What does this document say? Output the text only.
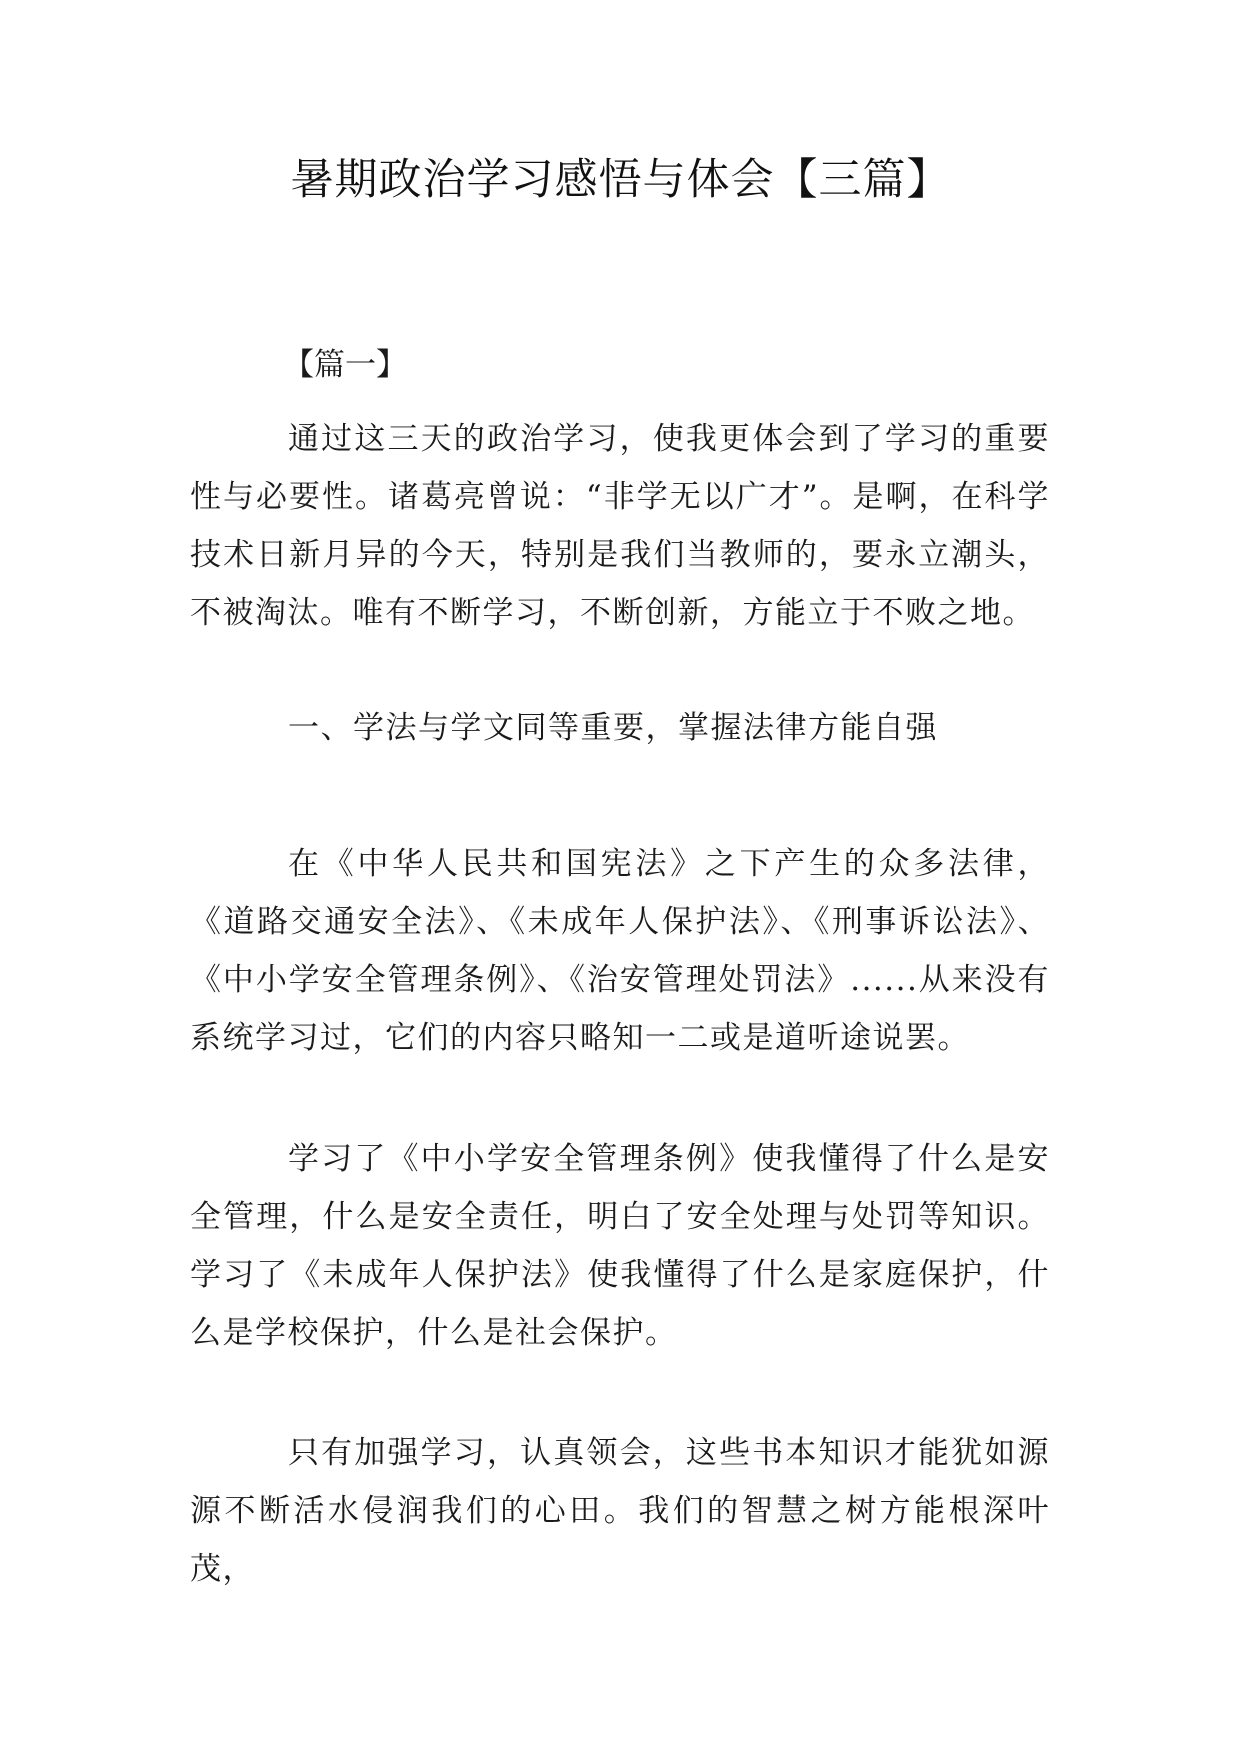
暑期政治学习感悟与体会【三篇】

【篇一】

通过这三天的政治学习，使我更体会到了学习的重要性与必要性。诸葛亮曾说：“非学无以广才”。是啊，在科学技术日新月异的今天，特别是我们当教师的，要永立潮头，不被淘汰。唯有不断学习，不断创新，方能立于不败之地。

一、学法与学文同等重要，掌握法律方能自强

在《中华人民共和国宪法》之下产生的众多法律，《道路交通安全法》、《未成年人保护法》、《刑事诉讼法》、《中小学安全管理条例》、《治安管理处罚法》......从来没有系统学习过，它们的内容只略知一二或是道听途说罢。

学习了《中小学安全管理条例》使我懂得了什么是安全管理，什么是安全责任，明白了安全处理与处罚等知识。学习了《未成年人保护法》使我懂得了什么是家庭保护，什么是学校保护，什么是社会保护。

只有加强学习，认真领会，这些书本知识才能犹如源源不断活水侵润我们的心田。我们的智慧之树方能根深叶茂，
